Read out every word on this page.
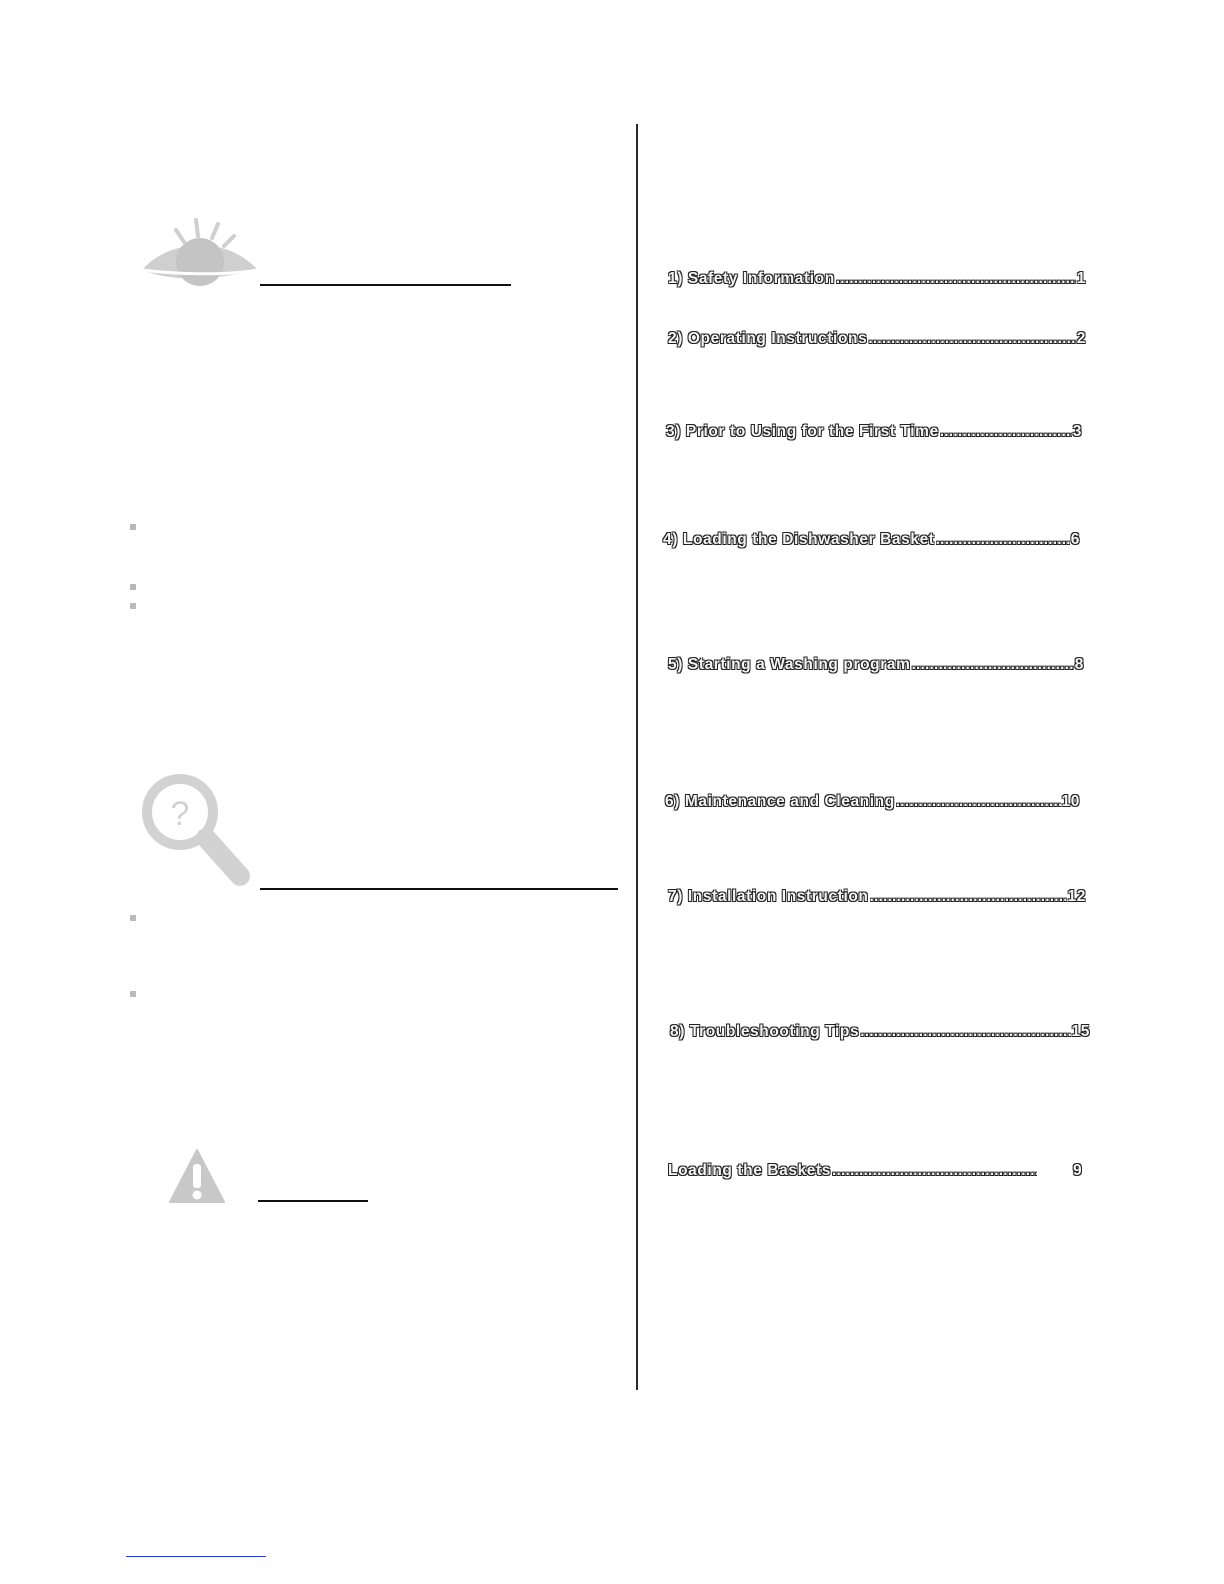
?
1) Safety Information .....	1
2) Operating Instructions .....	2
3) Prior to Using for the First Time .....	3
4) Loading the Dishwasher Basket .....	6
5) Starting a Washing program .....	8
6) Maintenance and Cleaning .....	10
7) Installation Instruction .....	12
8) Troubleshooting Tips .....	15
Loading the Baskets .....	9
